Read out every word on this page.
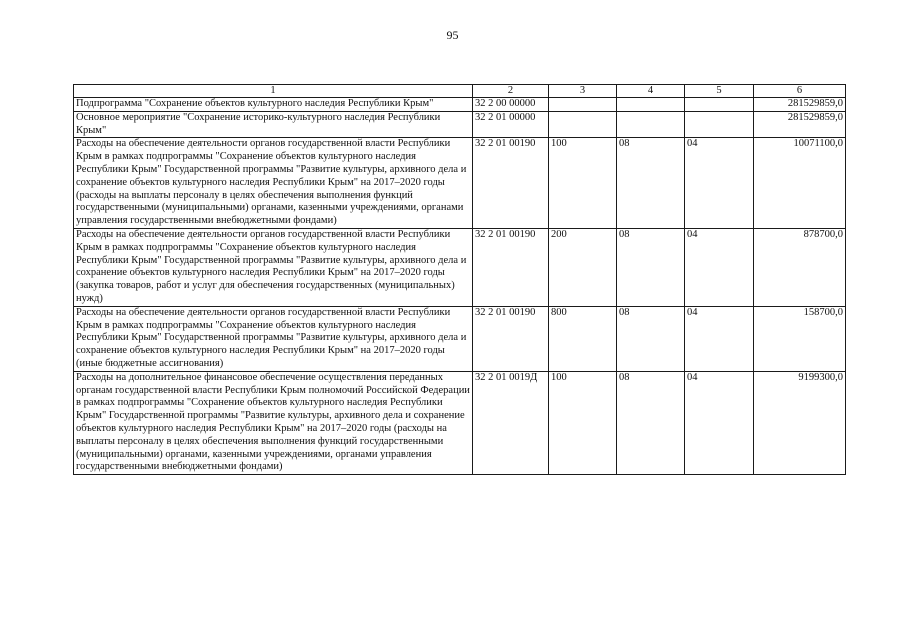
95
1	2	3	4	5	6
Подпрограмма "Сохранение объектов культурного наследия Республики Крым"	32 2 00 00000				281529859,0
Основное мероприятие "Сохранение историко-культурного наследия Республики Крым"	32 2 01 00000				281529859,0
Расходы на обеспечение деятельности органов государственной власти Республики Крым в рамках подпрограммы "Сохранение объектов культурного наследия Республики Крым" Государственной программы "Развитие культуры, архивного дела и сохранение объектов культурного наследия Республики Крым" на 2017–2020 годы (расходы на выплаты персоналу в целях обеспечения выполнения функций государственными (муниципальными) органами, казенными учреждениями, органами управления государственными внебюджетными фондами)	32 2 01 00190	100	08	04	10071100,0
Расходы на обеспечение деятельности органов государственной власти Республики Крым в рамках подпрограммы "Сохранение объектов культурного наследия Республики Крым" Государственной программы "Развитие культуры, архивного дела и сохранение объектов культурного наследия Республики Крым" на 2017–2020 годы (закупка товаров, работ и услуг для обеспечения государственных (муниципальных) нужд)	32 2 01 00190	200	08	04	878700,0
Расходы на обеспечение деятельности органов государственной власти Республики Крым в рамках подпрограммы "Сохранение объектов культурного наследия Республики Крым" Государственной программы "Развитие культуры, архивного дела и сохранение объектов культурного наследия Республики Крым" на 2017–2020 годы (иные бюджетные ассигнования)	32 2 01 00190	800	08	04	158700,0
Расходы на дополнительное финансовое обеспечение осуществления переданных органам государственной власти Республики Крым полномочий Российской Федерации в рамках подпрограммы "Сохранение объектов культурного наследия Республики Крым" Государственной программы "Развитие культуры, архивного дела и сохранение объектов культурного наследия Республики Крым" на 2017–2020 годы (расходы на выплаты персоналу в целях обеспечения выполнения функций государственными (муниципальными) органами, казенными учреждениями, органами управления государственными внебюджетными фондами)	32 2 01 0019Д	100	08	04	9199300,0
